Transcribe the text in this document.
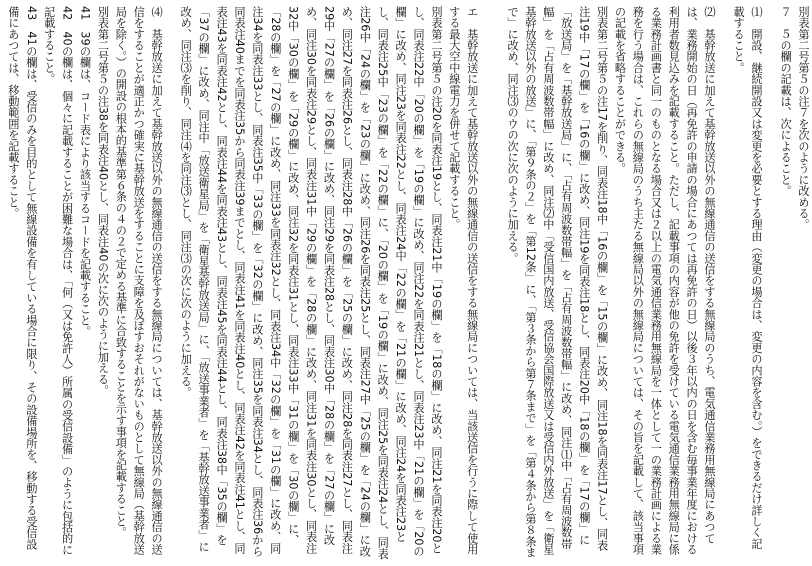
別表第二号第５の注７を次のように改める。
７　５の欄の記載は、次によること。
⑴　開設、継続開設又は変更を必要とする理由（変更の場合は、変更の内容を含む。）をできるだけ詳しく記載すること。
⑵　基幹放送に加えて基幹放送以外の無線通信の送信をする無線局のうち、電気通信業務用無線局にあつては、業務開始の日（再免許の申請の場合にあつては再免許の日）以後３年以内の日を含む毎事業年度における利用者数見込みを記載すること。ただし、記載事項の内容が他の免許を受けている電気通信業務用無線局に係る業務計画書と同一のものとなる場合又は２以上の電気通信業務用無線局を一体として一の業務計画による業務を行う場合は、これらの無線局のうち主たる無線局以外の無線局については、その旨を記載して、該当事項の記載を省略することができる。
別表第二号第５の注17を削り、同表注18中「16の欄」を「15の欄」に改め、同注18を同表注17とし、同表注19中「17の欄」を「16の欄」に改め、同注19を同表注18とし、同表注20中「18の欄」を「17の欄」に「放送局」を「基幹放送局」に、「占有周波数帯幅」を「占有周波数帯幅」に改め、同注⑴中「占有周波数帯幅」を「占有周波数帯幅」に改め、同注⑵中「受信国内放送、受信協会国際放送又は受信内外放送」を「衛星基幹放送以外の放送」に、「第９条の２」を「第12条」に、「第３条から第７条まで」を「第４条から第８条まで」に改め、同注⑶のウの次に次のように加える。
エ　基幹放送に加えて基幹放送以外の無線通信の送信をする無線局については、当該送信を行うに際して使用する最大空中線電力を併せて記載すること。
別表第二号第５の注20を同表注19とし、同表注21中「19の欄」を「18の欄」に改め、同注21を同表注20とし、同表注22中「20の欄」を「19の欄」に改め、同注22を同表注21とし、同表注23中「21の欄」を「20の欄」に改め、同注23を同表注22とし、同表注24中「22の欄」を「21の欄」に改め、同注24を同表注23とし、同表注25中「23の欄」を「22の欄」に、「20の欄」を「19の欄」に改め、同注25を同表注24とし、同表注26中「24の欄」を「23の欄」に改め、同注26を同表注25とし、同表注27中「25の欄」を「24の欄」に改め、同注27を同表注26とし、同表注28中「26の欄」を「25の欄」に改め、同注28を同表注27とし、同表注29中「27の欄」を「26の欄」に改め、同注29を同表注28とし、同表注30中「28の欄」を「27の欄」に改め、同注30を同表注29とし、同表注31中「29の欄」を「28の欄」に改め、同注31を同表注30とし、同表注32中「30の欄」を「29の欄」に改め、同注32を同表注31とし、同表注33中「31の欄」を「30の欄」に、「28の欄」を「27の欄」に改め、同注33を同表注32とし、同表注34中「32の欄」を「31の欄」に改め、同注34を同表注33とし、同表注35中「33の欄」を「32の欄」に改め、同注35を同表注34とし、同表注36から同表注40までを同表注35から同表注39までとし、同表注41を同表注40とし、同表注42を同表注41とし、同表注43を同表注42とし、同表注44を同表注43とし、同表注45を同表注44とし、同表注38中「35の欄」を「37の欄」に改め、同注中「放送衛星局」を「衛星基幹放送局」に、「放送事業者」を「基幹放送事業者」に改め、同注⑶を削り、同注⑷を同注⑶とし、同注⑶の次に次のように加える。
⑷　基幹放送に加えて基幹放送以外の無線通信の送信をする無線局については、基幹放送以外の無線通信の送信をすることが適正かつ確実に基幹放送をすることに支障を及ぼすおそれがないものとして無線局（基幹放送局を除く。）の開設の根本的基準第６条の４の２で定める基準に合致することを示す事項を記載すること。
別表第二号第５の注38を同表注40とし、同表注40の次に次のように加える。
41　39の欄は、コード表により該当するコードを記載すること。
42　40の欄は、個々に記載することが困難な場合は、「何（又は免許人）所属の受信設備」のように包括的に記載すること。
43　41の欄は、受信のみを目的として無線設備を有している場合に限り、その設備場所を、移動する受信設備にあつては、移動範囲を記載すること。
